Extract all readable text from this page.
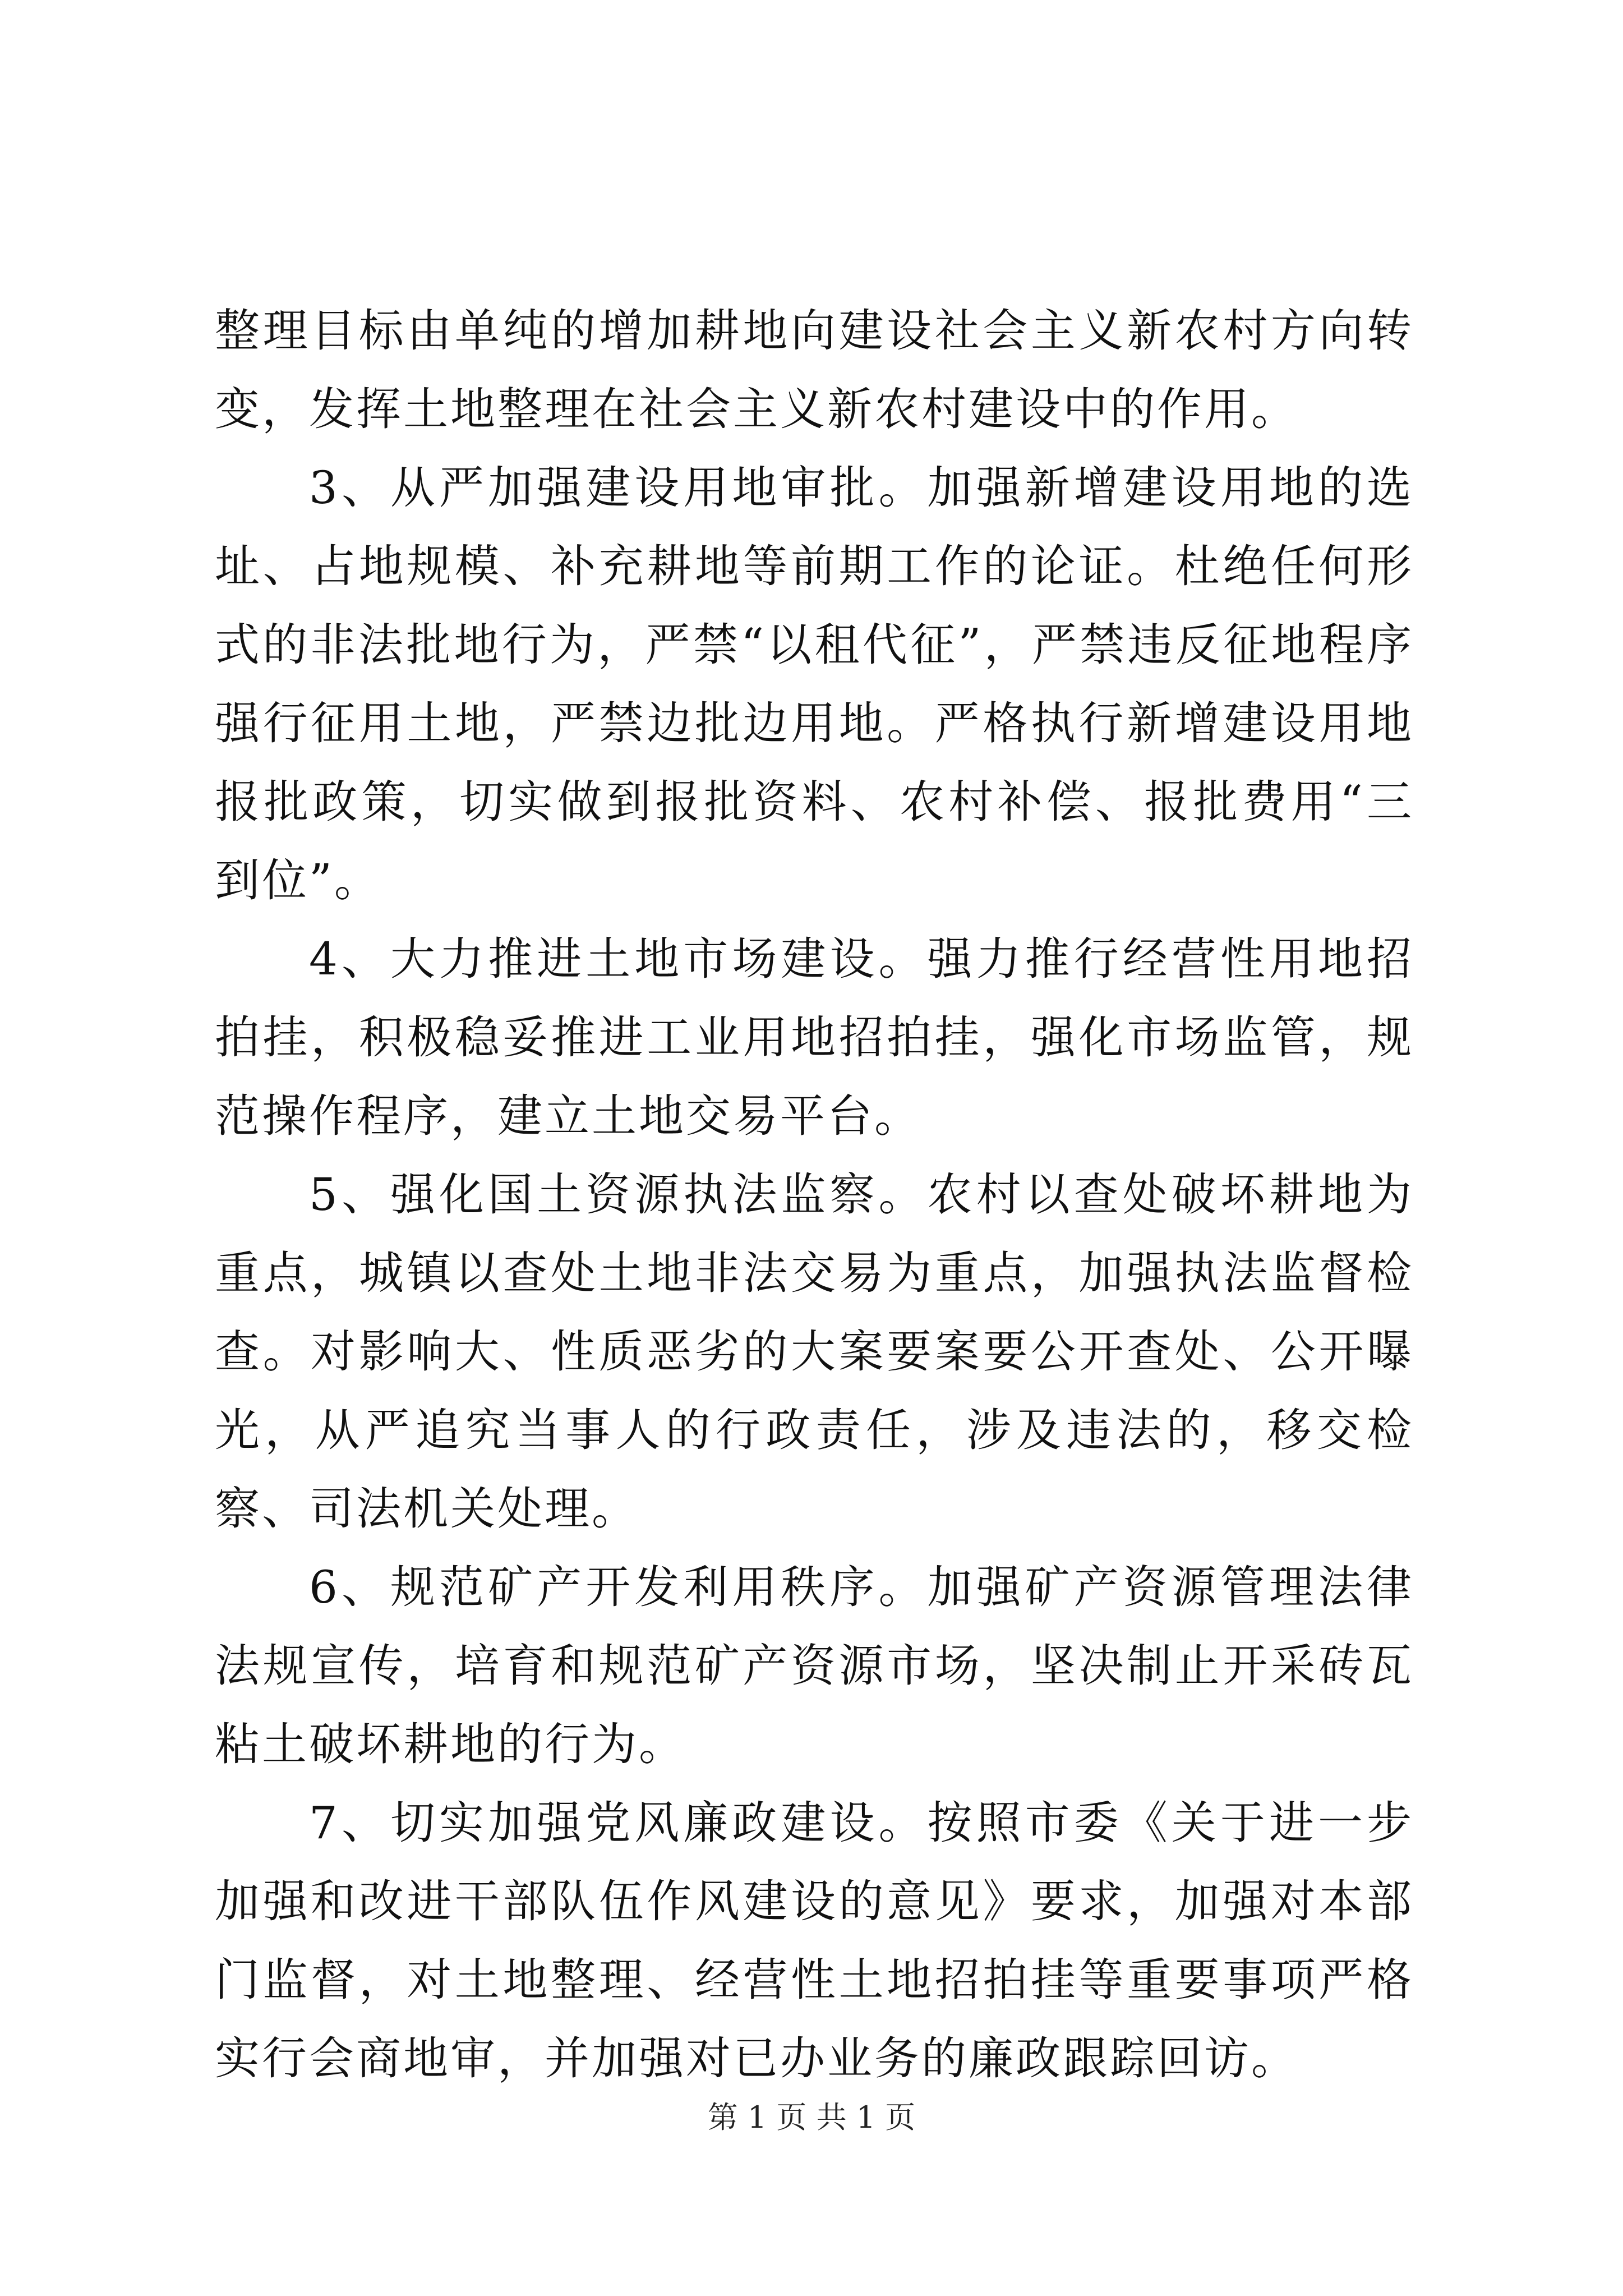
整理目标由单纯的增加耕地向建设社会主义新农村方向转变，发挥土地整理在社会主义新农村建设中的作用。

3、从严加强建设用地审批。加强新增建设用地的选址、占地规模、补充耕地等前期工作的论证。杜绝任何形式的非法批地行为，严禁“以租代征”，严禁违反征地程序强行征用土地，严禁边批边用地。严格执行新增建设用地报批政策，切实做到报批资料、农村补偿、报批费用“三到位”。

4、大力推进土地市场建设。强力推行经营性用地招拍挂，积极稳妥推进工业用地招拍挂，强化市场监管，规范操作程序，建立土地交易平台。

5、强化国土资源执法监察。农村以查处破坏耕地为重点，城镇以查处土地非法交易为重点，加强执法监督检查。对影响大、性质恶劣的大案要案要公开查处、公开曝光，从严追究当事人的行政责任，涉及违法的，移交检察、司法机关处理。

6、规范矿产开发利用秩序。加强矿产资源管理法律法规宣传，培育和规范矿产资源市场，坚决制止开采砖瓦粘土破坏耕地的行为。

7、切实加强党风廉政建设。按照市委《关于进一步加强和改进干部队伍作风建设的意见》要求，加强对本部门监督，对土地整理、经营性土地招拍挂等重要事项严格实行会商地审，并加强对已办业务的廉政跟踪回访。

第 1 页 共 1 页
